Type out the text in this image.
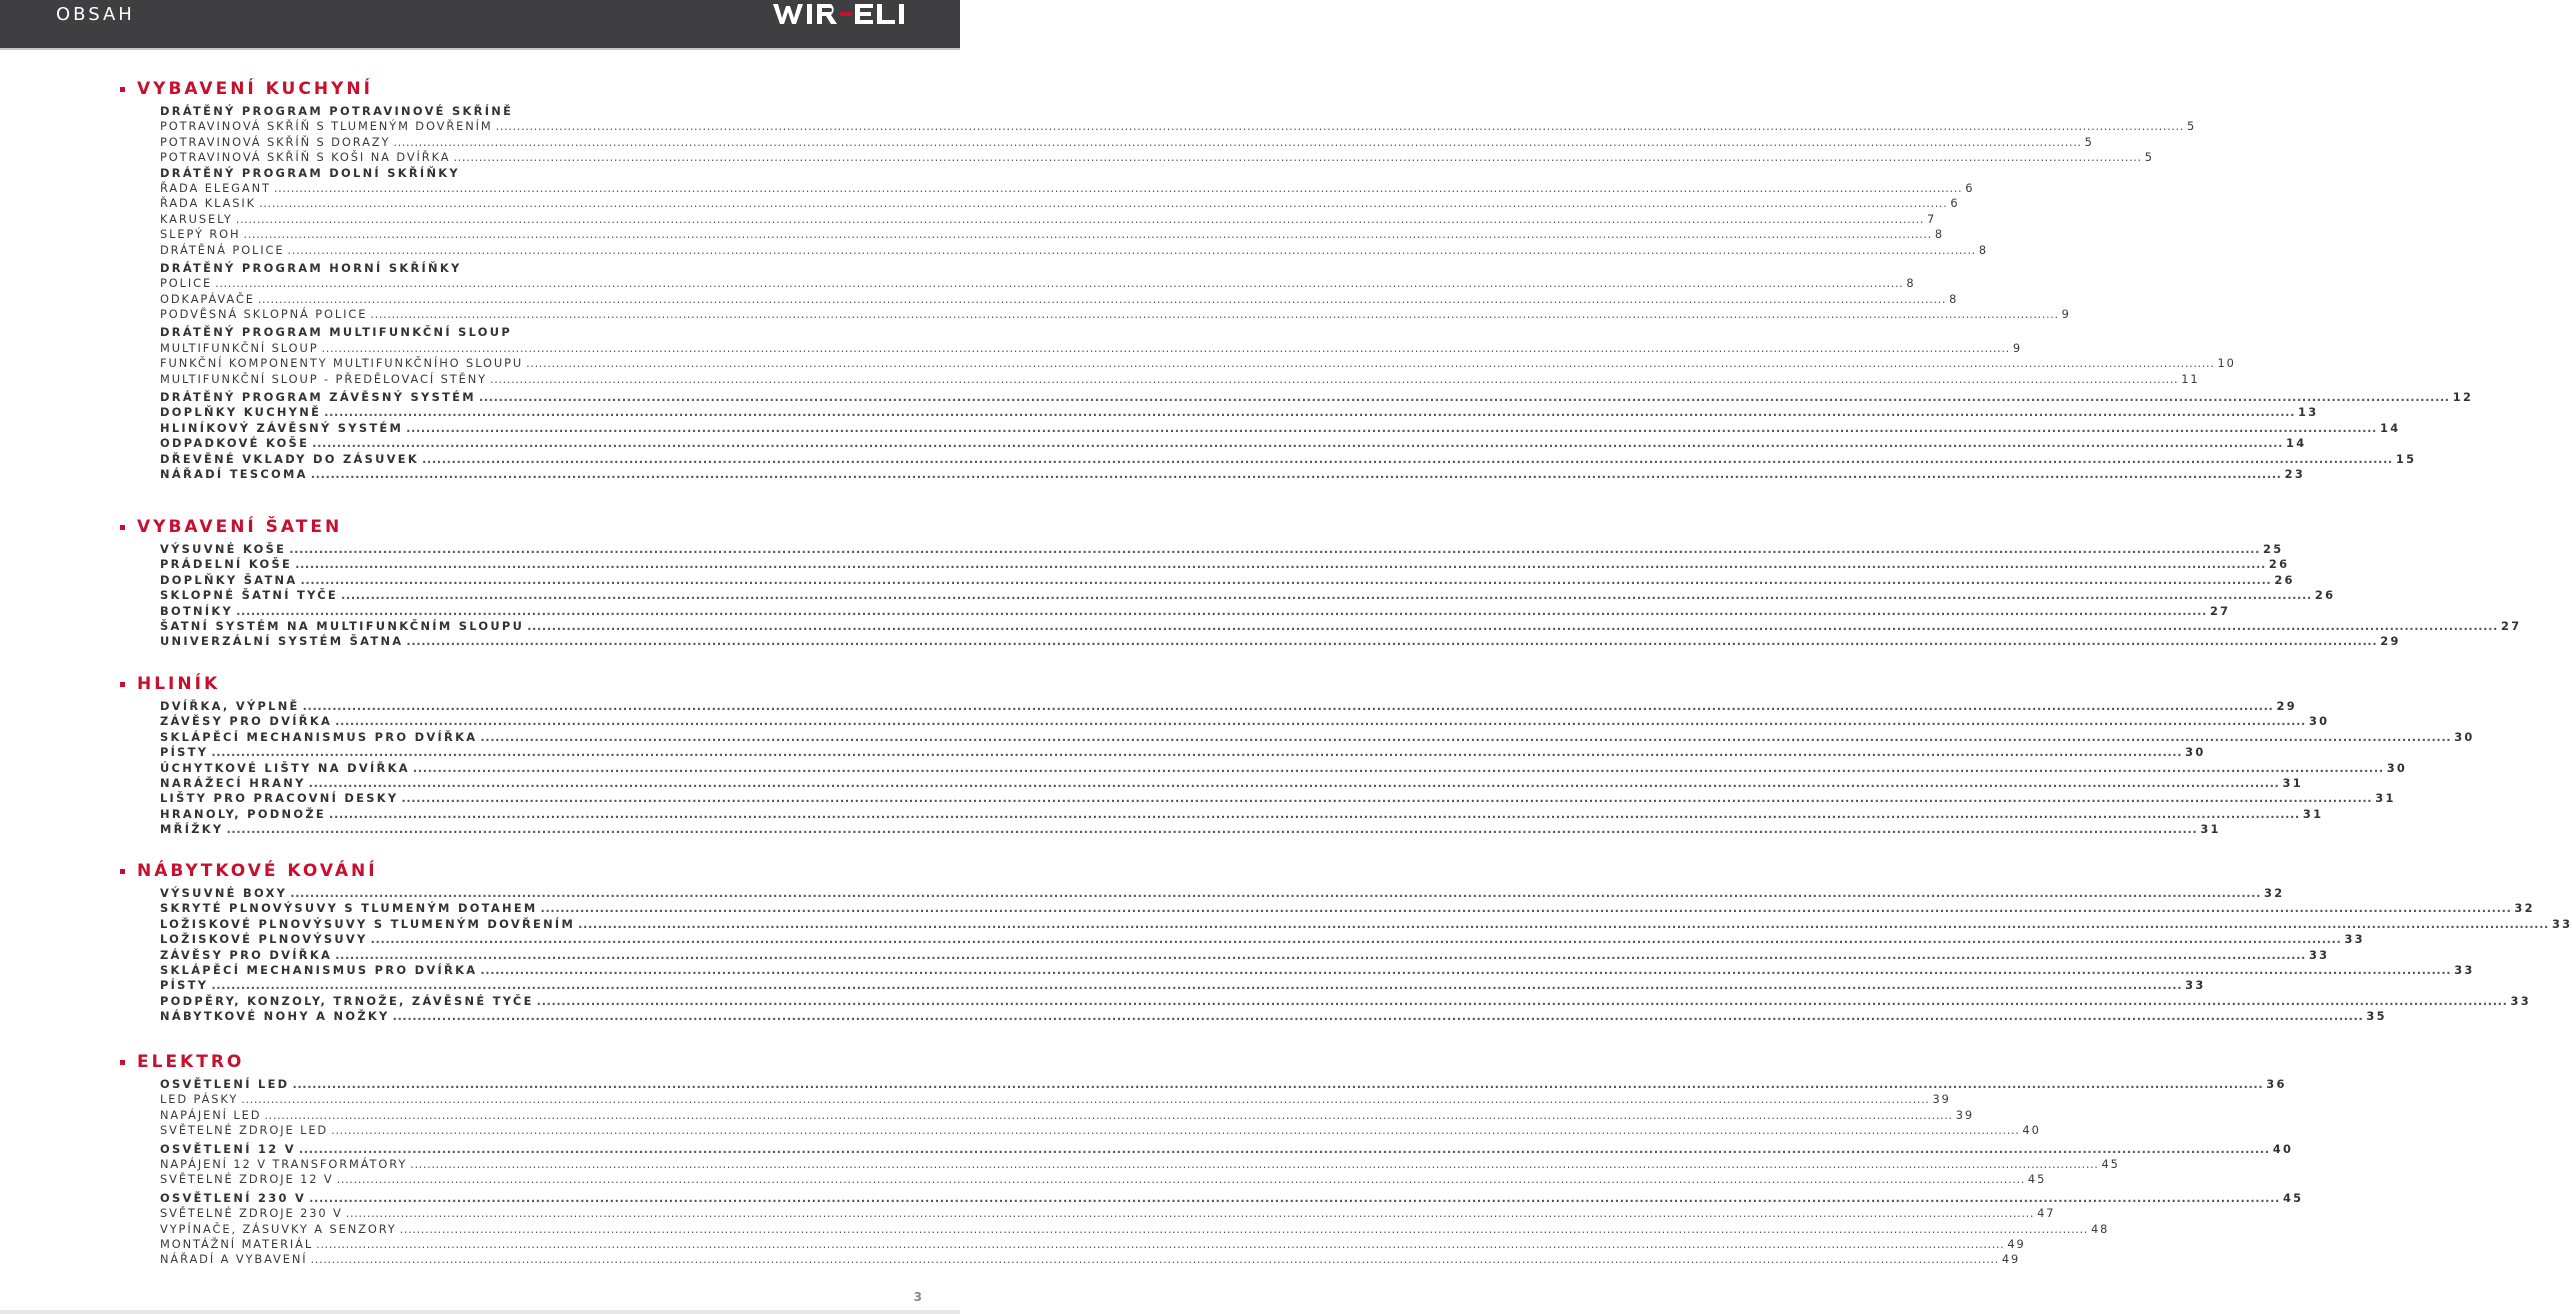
OBSAH
VYBAVENÍ KUCHYNÍ
DRÁTĚNÝ PROGRAM POTRAVINOVÉ SKŘÍNĚ
POTRAVINOVÁ SKŘÍŇ S TLUMENÝM DOVŘENÍM ................................................................................................................................................................................................................................................................................................................................................................................................................ 5
POTRAVINOVÁ SKŘÍŇ S DORAZY ................................................................................................................................................................................................................................................................................................................................................................................................................ 5
POTRAVINOVÁ SKŘÍŇ S KOŠI NA DVÍŘKA ................................................................................................................................................................................................................................................................................................................................................................................................................ 5
DRÁTĚNÝ PROGRAM DOLNÍ SKŘÍŇKY
ŘADA ELEGANT ................................................................................................................................................................................................................................................................................................................................................................................................................ 6
ŘADA KLASIK ................................................................................................................................................................................................................................................................................................................................................................................................................ 6
KARUSELY ................................................................................................................................................................................................................................................................................................................................................................................................................ 7
SLEPÝ ROH ................................................................................................................................................................................................................................................................................................................................................................................................................ 8
DRÁTĚNÁ POLICE ................................................................................................................................................................................................................................................................................................................................................................................................................ 8
DRÁTĚNÝ PROGRAM HORNÍ SKŘÍŇKY
POLICE ................................................................................................................................................................................................................................................................................................................................................................................................................ 8
ODKAPÁVAČE ................................................................................................................................................................................................................................................................................................................................................................................................................ 8
PODVĚSNÁ SKLOPNÁ POLICE ................................................................................................................................................................................................................................................................................................................................................................................................................ 9
DRÁTĚNÝ PROGRAM MULTIFUNKČNÍ SLOUP
MULTIFUNKČNÍ SLOUP ................................................................................................................................................................................................................................................................................................................................................................................................................ 9
FUNKČNÍ KOMPONENTY MULTIFUNKČNÍHO SLOUPU ................................................................................................................................................................................................................................................................................................................................................................................................................ 10
MULTIFUNKČNÍ SLOUP - PŘEDĚLOVACÍ STĚNY ................................................................................................................................................................................................................................................................................................................................................................................................................ 11
DRÁTĚNÝ PROGRAM ZÁVĚSNÝ SYSTÉM ................................................................................................................................................................................................................................................................................................................................................................................................................ 12
DOPLŇKY KUCHYNĚ ................................................................................................................................................................................................................................................................................................................................................................................................................ 13
HLINÍKOVÝ ZÁVĚSNÝ SYSTÉM ................................................................................................................................................................................................................................................................................................................................................................................................................ 14
ODPADKOVÉ KOŠE ................................................................................................................................................................................................................................................................................................................................................................................................................ 14
DŘEVĚNÉ VKLADY DO ZÁSUVEK ................................................................................................................................................................................................................................................................................................................................................................................................................ 15
NÁŘADÍ TESCOMA ................................................................................................................................................................................................................................................................................................................................................................................................................ 23
VYBAVENÍ ŠATEN
VÝSUVNÉ KOŠE ................................................................................................................................................................................................................................................................................................................................................................................................................ 25
PRÁDELNÍ KOŠE ................................................................................................................................................................................................................................................................................................................................................................................................................ 26
DOPLŇKY ŠATNA ................................................................................................................................................................................................................................................................................................................................................................................................................ 26
SKLOPNÉ ŠATNÍ TYČE ................................................................................................................................................................................................................................................................................................................................................................................................................ 26
BOTNÍKY ................................................................................................................................................................................................................................................................................................................................................................................................................ 27
ŠATNÍ SYSTÉM NA MULTIFUNKČNÍM SLOUPU ................................................................................................................................................................................................................................................................................................................................................................................................................ 27
UNIVERZÁLNÍ SYSTÉM ŠATNA ................................................................................................................................................................................................................................................................................................................................................................................................................ 29
HLINÍK
DVÍŘKA, VÝPLNĚ ................................................................................................................................................................................................................................................................................................................................................................................................................ 29
ZÁVĚSY PRO DVÍŘKA ................................................................................................................................................................................................................................................................................................................................................................................................................ 30
SKLÁPĚCÍ MECHANISMUS PRO DVÍŘKA ................................................................................................................................................................................................................................................................................................................................................................................................................ 30
PÍSTY ................................................................................................................................................................................................................................................................................................................................................................................................................ 30
ÚCHYTKOVÉ LIŠTY NA DVÍŘKA ................................................................................................................................................................................................................................................................................................................................................................................................................ 30
NARÁŽECÍ HRANY ................................................................................................................................................................................................................................................................................................................................................................................................................ 31
LIŠTY PRO PRACOVNÍ DESKY ................................................................................................................................................................................................................................................................................................................................................................................................................ 31
HRANOLY, PODNOŽE ................................................................................................................................................................................................................................................................................................................................................................................................................ 31
MŘÍŽKY ................................................................................................................................................................................................................................................................................................................................................................................................................ 31
NÁBYTKOVÉ KOVÁNÍ
VÝSUVNÉ BOXY ................................................................................................................................................................................................................................................................................................................................................................................................................ 32
SKRYTÉ PLNOVÝSUVY S TLUMENÝM DOTAHEM ................................................................................................................................................................................................................................................................................................................................................................................................................ 32
LOŽISKOVÉ PLNOVÝSUVY S TLUMENÝM DOVŘENÍM ................................................................................................................................................................................................................................................................................................................................................................................................................ 33
LOŽISKOVÉ PLNOVÝSUVY ................................................................................................................................................................................................................................................................................................................................................................................................................ 33
ZÁVĚSY PRO DVÍŘKA ................................................................................................................................................................................................................................................................................................................................................................................................................ 33
SKLÁPĚCÍ MECHANISMUS PRO DVÍŘKA ................................................................................................................................................................................................................................................................................................................................................................................................................ 33
PÍSTY ................................................................................................................................................................................................................................................................................................................................................................................................................ 33
PODPĚRY, KONZOLY, TRNOŽE, ZÁVĚSNÉ TYČE ................................................................................................................................................................................................................................................................................................................................................................................................................ 33
NÁBYTKOVÉ NOHY A NOŽKY ................................................................................................................................................................................................................................................................................................................................................................................................................ 35
ELEKTRO
OSVĚTLENÍ LED ................................................................................................................................................................................................................................................................................................................................................................................................................ 36
LED PÁSKY ................................................................................................................................................................................................................................................................................................................................................................................................................ 39
NAPÁJENÍ LED ................................................................................................................................................................................................................................................................................................................................................................................................................ 39
SVĚTELNÉ ZDROJE LED ................................................................................................................................................................................................................................................................................................................................................................................................................ 40
OSVĚTLENÍ 12 V ................................................................................................................................................................................................................................................................................................................................................................................................................ 40
NAPÁJENÍ 12 V TRANSFORMÁTORY ................................................................................................................................................................................................................................................................................................................................................................................................................ 45
SVĚTELNÉ ZDROJE 12 V ................................................................................................................................................................................................................................................................................................................................................................................................................ 45
OSVĚTLENÍ 230 V ................................................................................................................................................................................................................................................................................................................................................................................................................ 45
SVĚTELNÉ ZDROJE 230 V ................................................................................................................................................................................................................................................................................................................................................................................................................ 47
VYPÍNAČE, ZÁSUVKY A SENZORY ................................................................................................................................................................................................................................................................................................................................................................................................................ 48
MONTÁŽNÍ MATERIÁL ................................................................................................................................................................................................................................................................................................................................................................................................................ 49
NÁŘADÍ A VYBAVENÍ ................................................................................................................................................................................................................................................................................................................................................................................................................ 49
3
